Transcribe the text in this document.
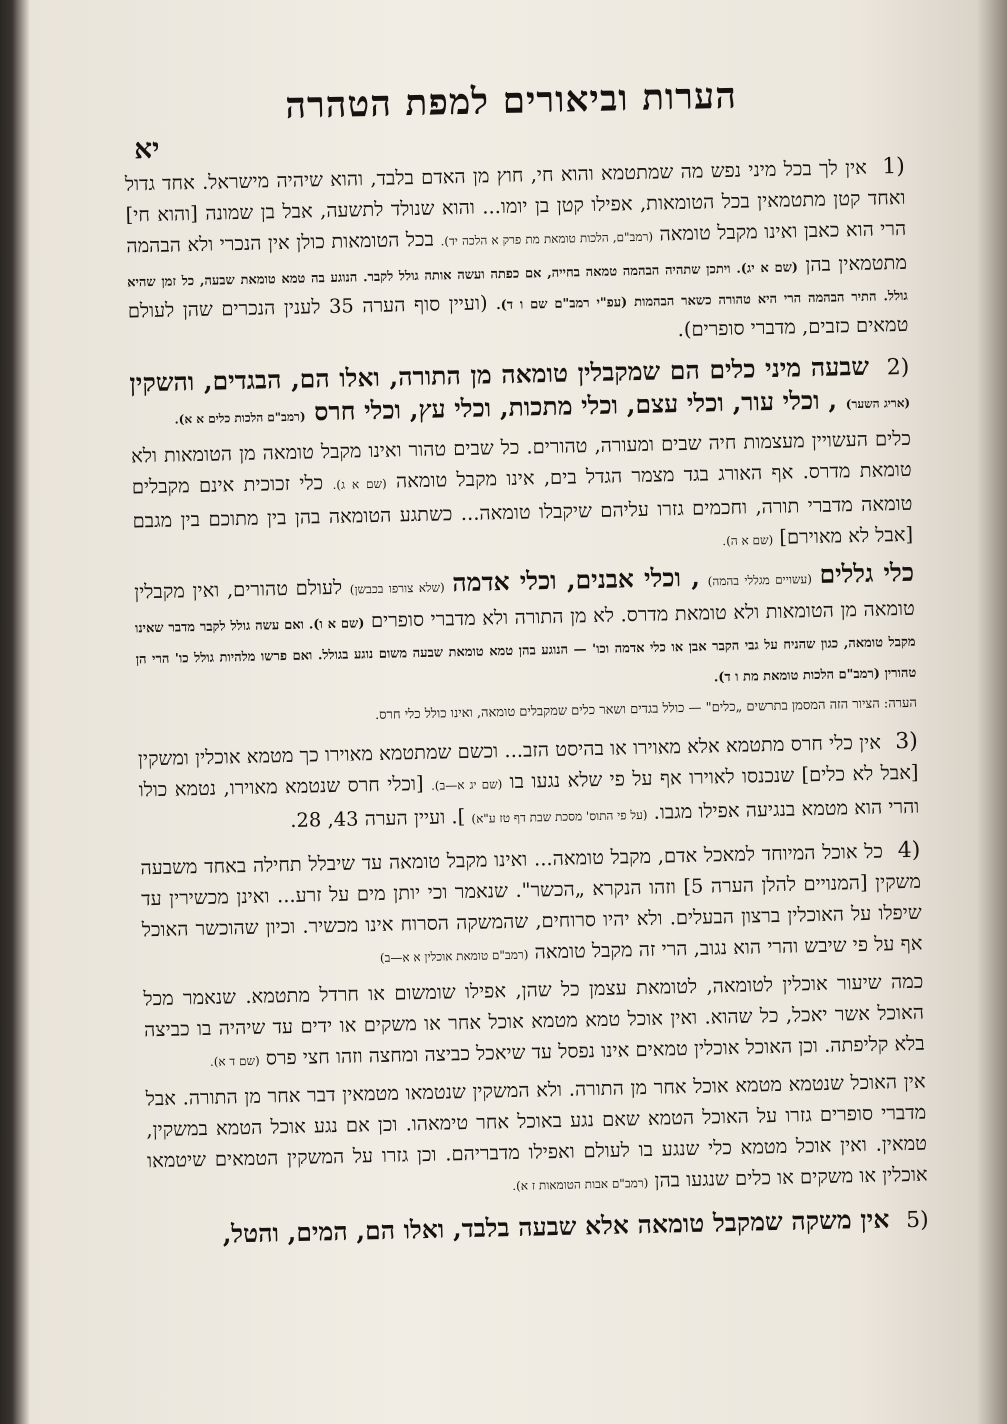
הערות וביאורים למפת הטהרה
יא

(1 אין לך בכל מיני נפש מה שמתטמא והוא חי, חוץ מן האדם בלבד, והוא שיהיה מישראל. אחד גדול ואחד קטן מתטמאין בכל הטומאות, אפילו קטן בן יומו... והוא שנולד לתשעה, אבל בן שמונה [והוא חי] הרי הוא כאבן ואינו מקבל טומאה (רמב"ם, הלכות טומאת מת פרק א הלכה יד). בכל הטומאות כולן אין הנכרי ולא הבהמה מתטמאין בהן (שם א יג). ויתכן שתהיה הבהמה טמאה בחייה, אם כפתה ועשה אותה גולל לקבר. הנוגע בה טמא טומאת שבעה, כל זמן שהיא גולל. התיר הבהמה הרי היא טהורה כשאר הבהמות (עפ"י רמב"ם שם ו ד). (ועיין סוף הערה 35 לענין הנכרים שהן לעולם טמאים כזבים, מדברי סופרים).

(2 שבעה מיני כלים הם שמקבלין טומאה מן התורה, ואלו הם, הבגדים, והשקין (אריג השער) , וכלי עור, וכלי עצם, וכלי מתכות, וכלי עץ, וכלי חרס (רמב"ם הלכות כלים א א).

כלים העשויין מעצמות חיה שבים ומעורה, טהורים. כל שבים טהור ואינו מקבל טומאה מן הטומאות ולא טומאת מדרס. אף האורג בגד מצמר הגדל בים, אינו מקבל טומאה (שם א ג). כלי זכוכית אינם מקבלים טומאה מדברי תורה, וחכמים גזרו עליהם שיקבלו טומאה... כשתגע הטומאה בהן בין מתוכם בין מגבם [אבל לא מאוירם] (שם א ה).

כלי גללים (עשויים מגללי בהמה) , וכלי אבנים, וכלי אדמה (שלא צורפו בכבשן) לעולם טהורים, ואין מקבלין טומאה מן הטומאות ולא טומאת מדרס. לא מן התורה ולא מדברי סופרים (שם א ו). ואם עשה גולל לקבר מדבר שאינו מקבל טומאה, כגון שהניח על גבי הקבר אבן או כלי אדמה וכו' — הנוגע בהן טמא טומאת שבעה משום נוגע בגולל. ואם פרשו מלהיות גולל כו' הרי הן טהורין (רמב"ם הלכות טומאת מת ו ד).

הערה: הציור הזה המסמן בתרשים „כלים" — כולל בגדים ושאר כלים שמקבלים טומאה, ואינו כולל כלי חרס.

(3 אין כלי חרס מתטמא אלא מאוירו או בהיסט הזב... וכשם שמתטמא מאוירו כך מטמא אוכלין ומשקין [אבל לא כלים] שנכנסו לאוירו אף על פי שלא נגעו בו (שם יג א—ב). [וכלי חרס שנטמא מאוירו, נטמא כולו והרי הוא מטמא בנגיעה אפילו מגבו. (על פי התוס' מסכת שבת דף טז ע"א) ]. ועיין הערה 43, 28.

(4 כל אוכל המיוחד למאכל אדם, מקבל טומאה... ואינו מקבל טומאה עד שיבלל תחילה באחד משבעה משקין [המנויים להלן הערה 5] וזהו הנקרא „הכשר". שנאמר וכי יותן מים על זרע... ואינן מכשירין עד שיפלו על האוכלין ברצון הבעלים. ולא יהיו סרוחים, שהמשקה הסרוח אינו מכשיר. וכיון שהוכשר האוכל אף על פי שיבש והרי הוא נגוב, הרי זה מקבל טומאה (רמב"ם טומאת אוכלין א א—ב)

כמה שיעור אוכלין לטומאה, לטומאת עצמן כל שהן, אפילו שומשום או חרדל מתטמא. שנאמר מכל האוכל אשר יאכל, כל שהוא. ואין אוכל טמא מטמא אוכל אחר או משקים או ידים עד שיהיה בו כביצה בלא קליפתה. וכן האוכל אוכלין טמאים אינו נפסל עד שיאכל כביצה ומחצה וזהו חצי פרס (שם ד א).

אין האוכל שנטמא מטמא אוכל אחר מן התורה. ולא המשקין שנטמאו מטמאין דבר אחר מן התורה. אבל מדברי סופרים גזרו על האוכל הטמא שאם נגע באוכל אחר טימאהו. וכן אם נגע אוכל הטמא במשקין, טמאין. ואין אוכל מטמא כלי שנגע בו לעולם ואפילו מדבריהם. וכן גזרו על המשקין הטמאים שיטמאו אוכלין או משקים או כלים שנגעו בהן (רמב"ם אבות הטומאות ז א).

(5 אין משקה שמקבל טומאה אלא שבעה בלבד, ואלו הם, המים, והטל,
